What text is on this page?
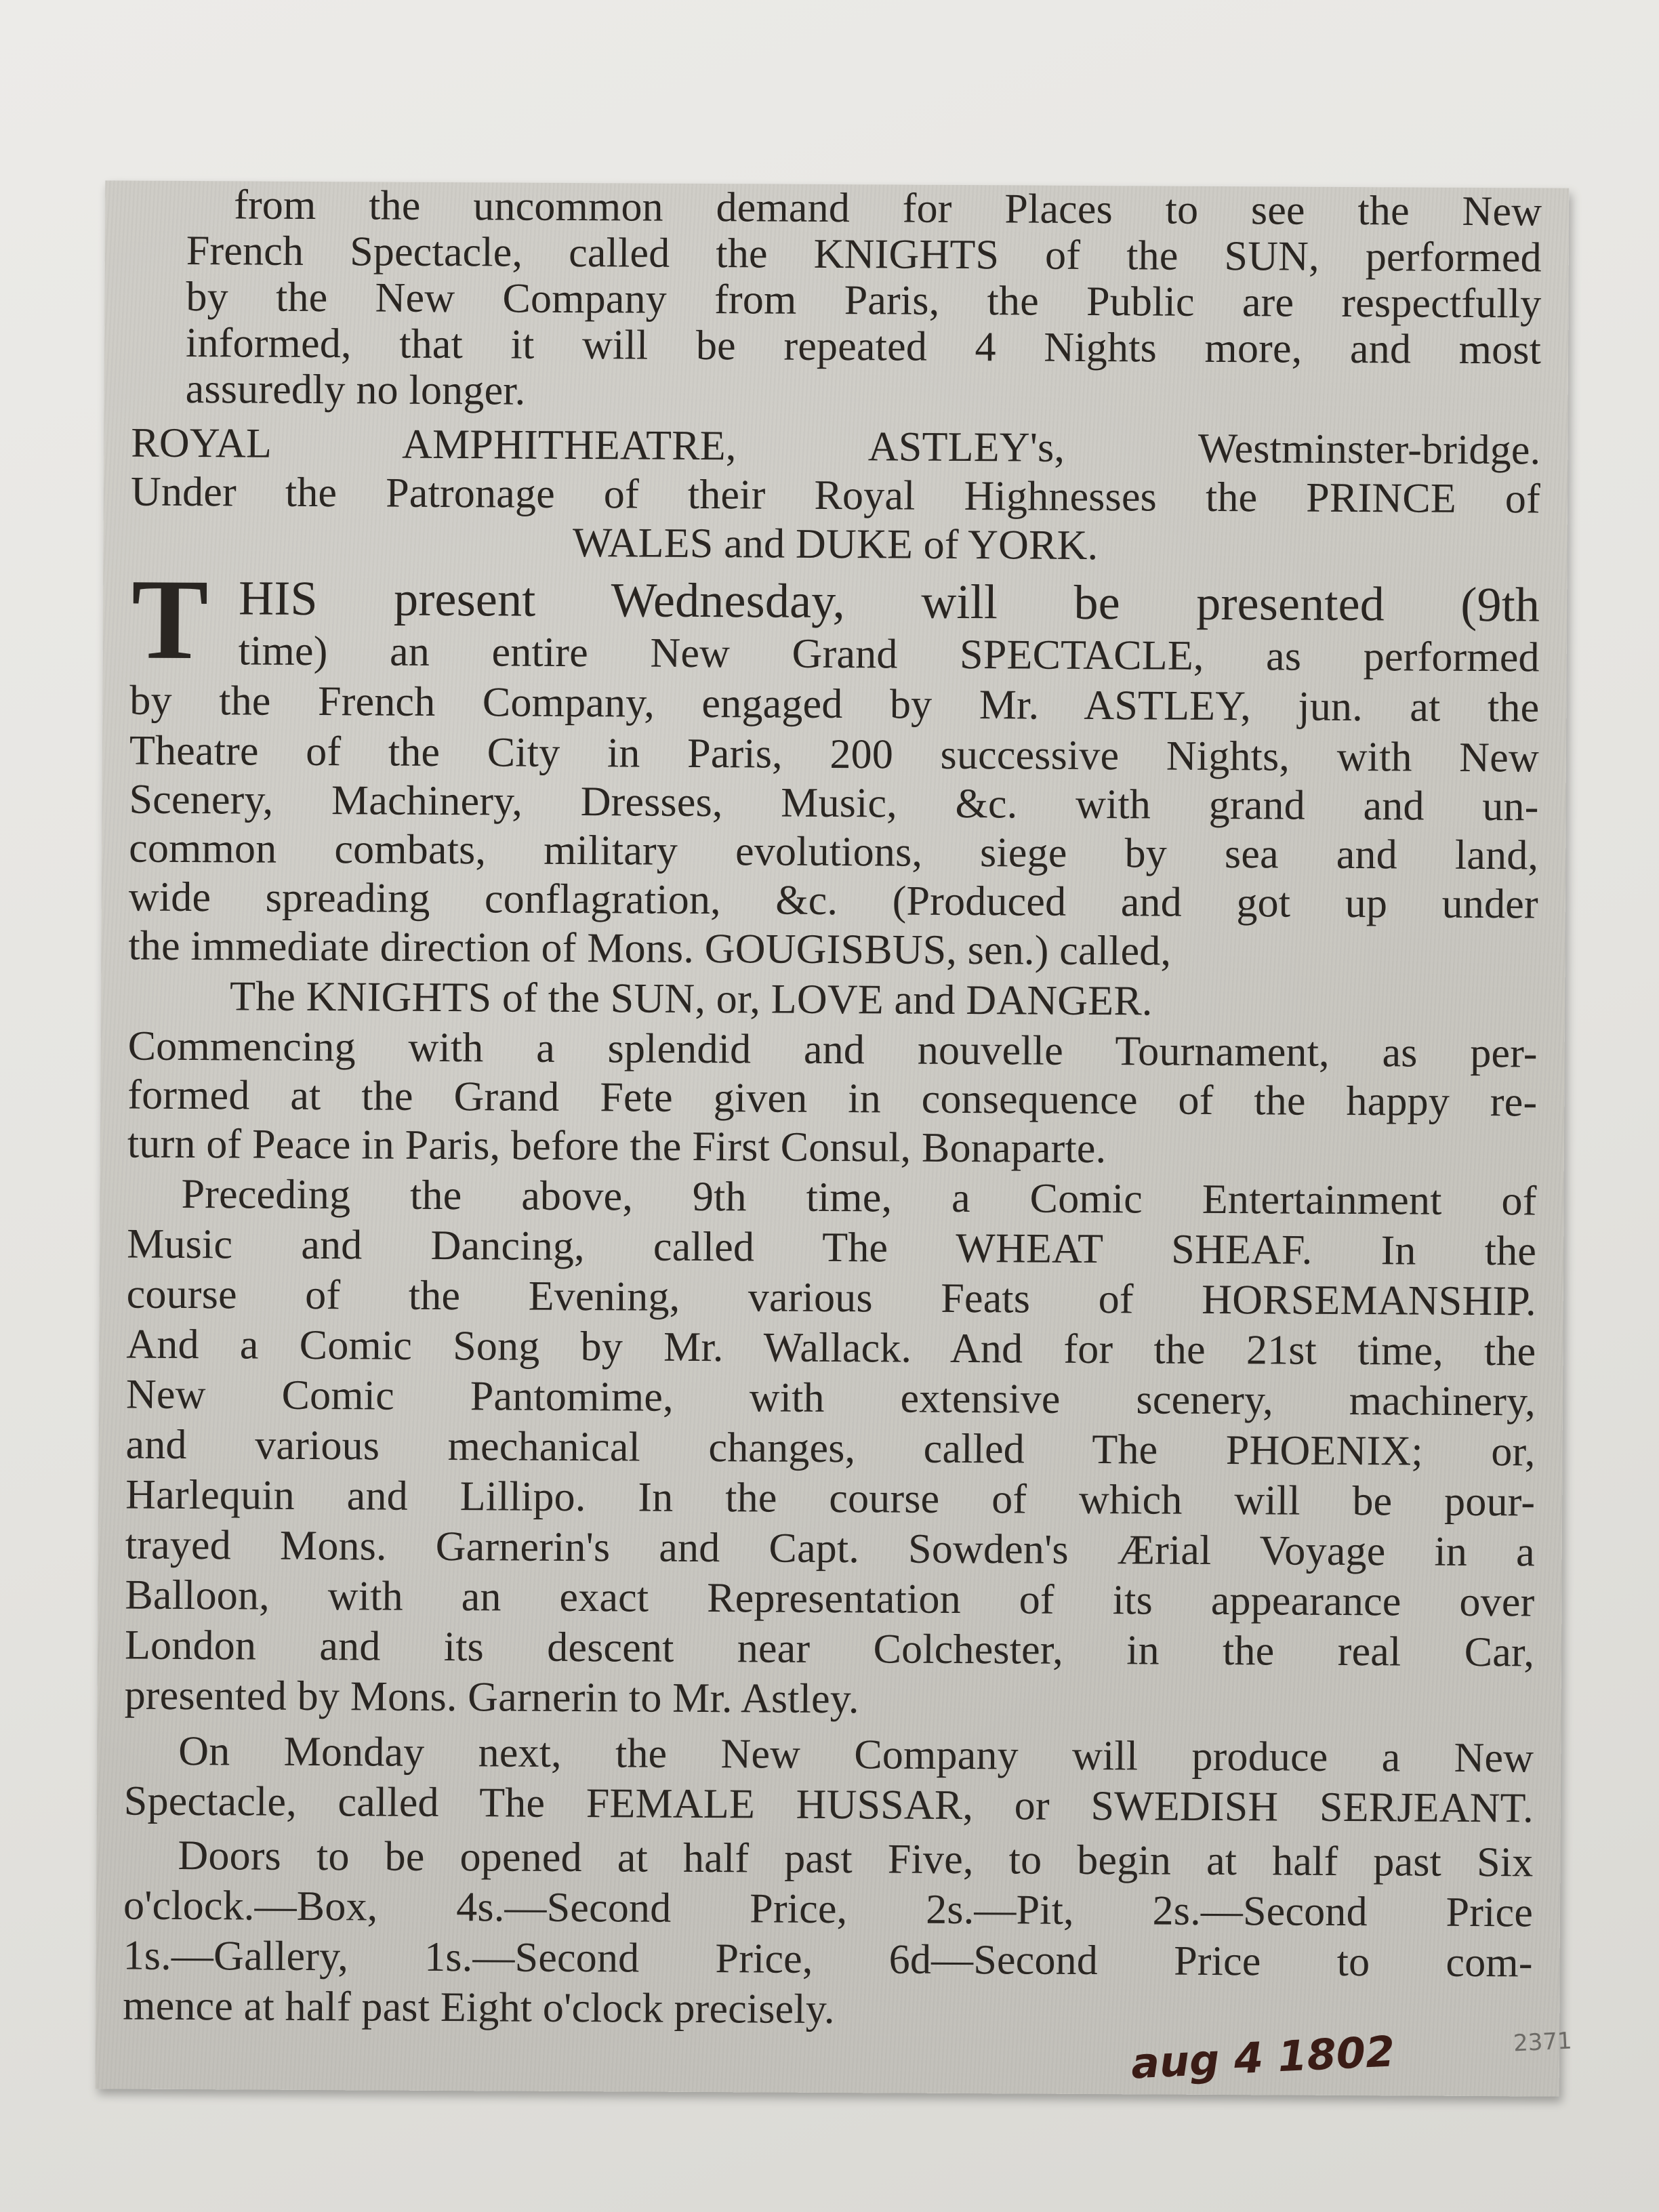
from the uncommon demand for Places to see the New
French Spectacle, called the KNIGHTS of the SUN, performed
by the New Company from Paris, the Public are respectfully
informed, that it will be repeated 4 Nights more, and most
assuredly no longer.
ROYAL AMPHITHEATRE, ASTLEY's, Westminster-bridge.
Under the Patronage of their Royal Highnesses the PRINCE of
WALES and DUKE of YORK.
T HIS present Wednesday, will be presented (9th
time) an entire New Grand SPECTACLE, as performed
by the French Company, engaged by Mr. ASTLEY, jun. at the
Theatre of the City in Paris, 200 successive Nights, with New
Scenery, Machinery, Dresses, Music, &c. with grand and un-
common combats, military evolutions, siege by sea and land,
wide spreading conflagration, &c. (Produced and got up under
the immediate direction of Mons. GOUGISBUS, sen.) called,
The KNIGHTS of the SUN, or, LOVE and DANGER.
Commencing with a splendid and nouvelle Tournament, as per-
formed at the Grand Fete given in consequence of the happy re-
turn of Peace in Paris, before the First Consul, Bonaparte.
Preceding the above, 9th time, a Comic Entertainment of
Music and Dancing, called The WHEAT SHEAF. In the
course of the Evening, various Feats of HORSEMANSHIP.
And a Comic Song by Mr. Wallack. And for the 21st time, the
New Comic Pantomime, with extensive scenery, machinery,
and various mechanical changes, called The PHOENIX; or,
Harlequin and Lillipo. In the course of which will be pour-
trayed Mons. Garnerin's and Capt. Sowden's Ærial Voyage in a
Balloon, with an exact Representation of its appearance over
London and its descent near Colchester, in the real Car,
presented by Mons. Garnerin to Mr. Astley.
On Monday next, the New Company will produce a New
Spectacle, called The FEMALE HUSSAR, or SWEDISH SERJEANT.
Doors to be opened at half past Five, to begin at half past Six
o'clock.—Box, 4s.—Second Price, 2s.—Pit, 2s.—Second Price
1s.—Gallery, 1s.—Second Price, 6d—Second Price to com-
mence at half past Eight o'clock precisely.
aug 4 1802	2371
